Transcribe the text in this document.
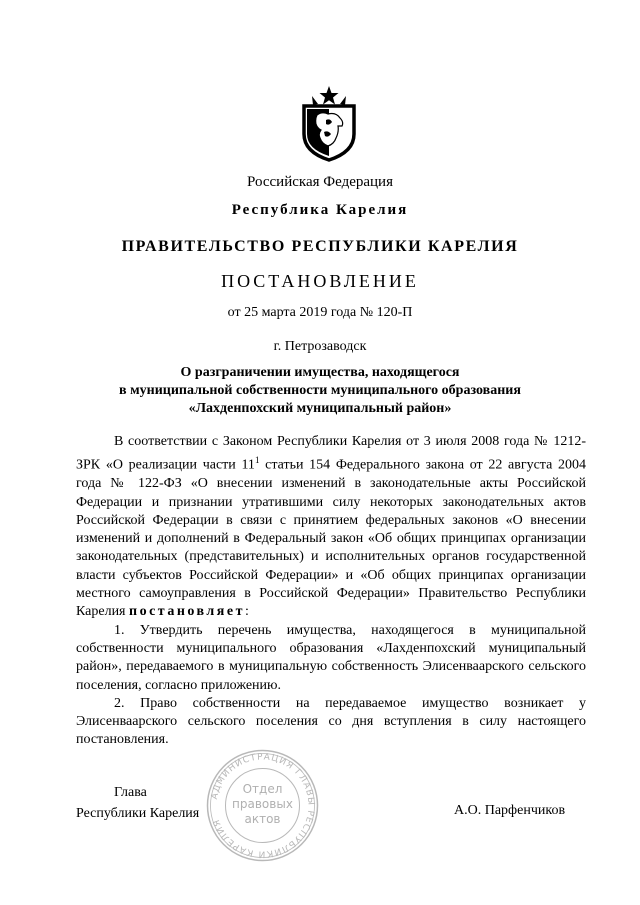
Российская Федерация
Республика Карелия
ПРАВИТЕЛЬСТВО РЕСПУБЛИКИ КАРЕЛИЯ
ПОСТАНОВЛЕНИЕ
от 25 марта 2019 года № 120-П
г. Петрозаводск
О разграничении имущества, находящегося
в муниципальной собственности муниципального образования
«Лахденпохский муниципальный район»

В соответствии с Законом Республики Карелия от 3 июля 2008 года № 1212-ЗРК «О реализации части $11^1$ статьи 154 Федерального закона от 22 августа 2004 года № 122-ФЗ «О внесении изменений в законодательные акты Российской Федерации и признании утратившими силу некоторых законодательных актов Российской Федерации в связи с принятием федеральных законов «О внесении изменений и дополнений в Федеральный закон «Об общих принципах организации законодательных (представительных) и исполнительных органов государственной власти субъектов Российской Федерации» и «Об общих принципах организации местного самоуправления в Российской Федерации» Правительство Республики Карелия постановляет:

1. Утвердить перечень имущества, находящегося в муниципальной собственности муниципального образования «Лахденпохский муниципальный район», передаваемого в муниципальную собственность Элисенваарского сельского поселения, согласно приложению.

2. Право собственности на передаваемое имущество возникает у Элисенваарского сельского поселения со дня вступления в силу настоящего постановления.

Глава
Республики Карелия	А.О. Парфенчиков
АДМИНИСТРАЦИЯ ГЛАВЫ РЕСПУБЛИКИ КАРЕЛИЯ
Отдел
правовых
актов
